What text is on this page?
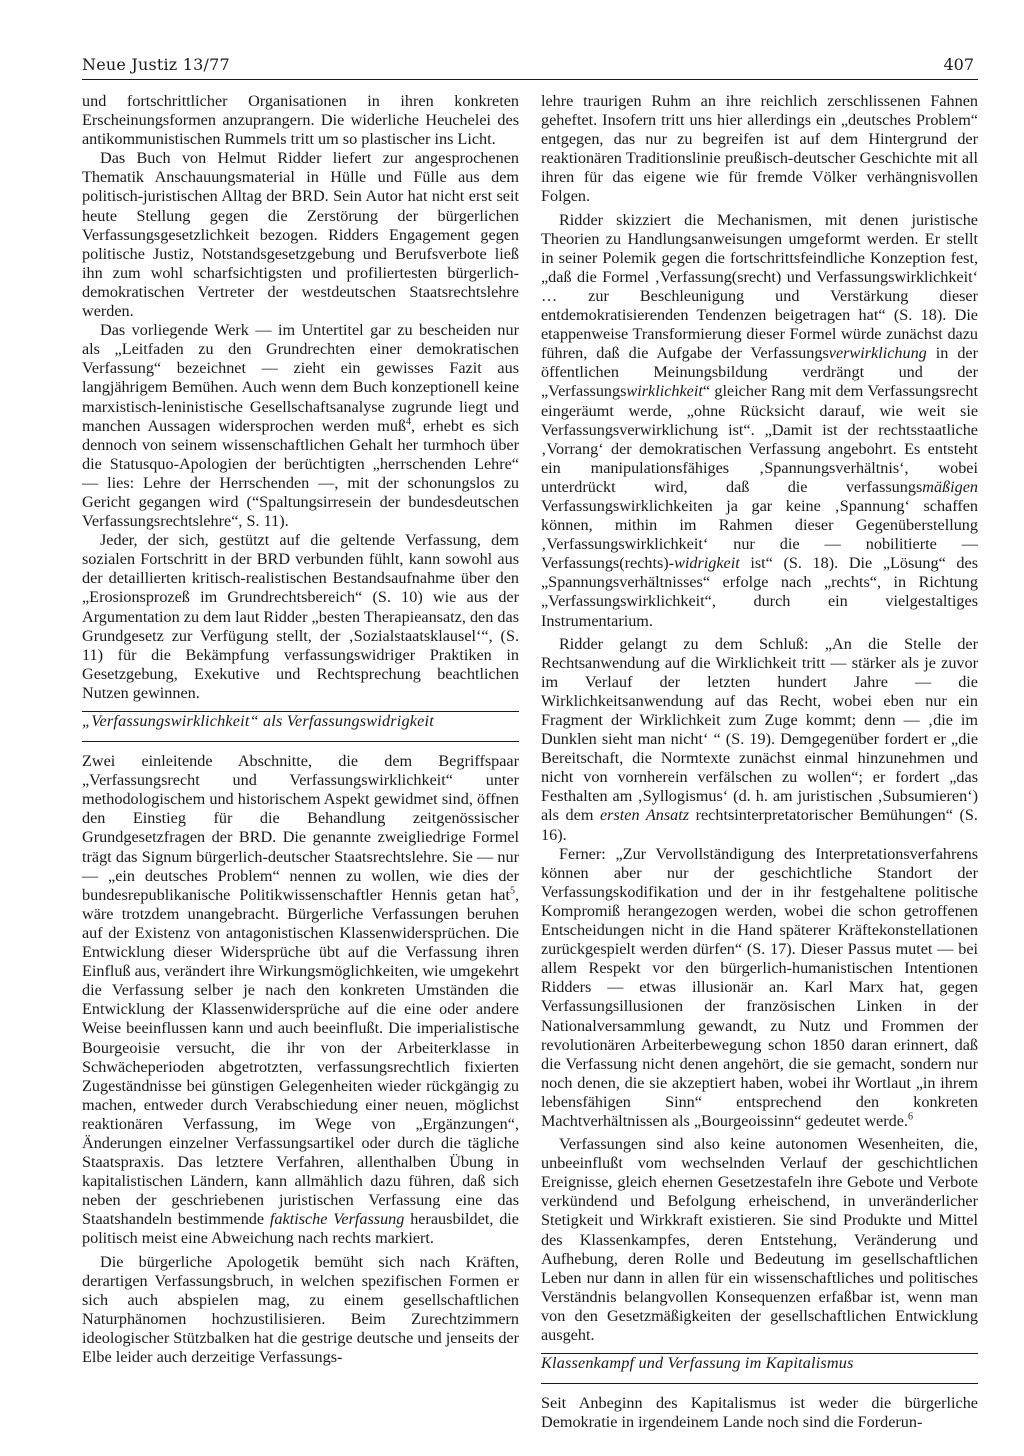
Neue Justiz 13/77	407

und fortschrittlicher Organisationen in ihren konkreten Erscheinungsformen anzuprangern. Die widerliche Heuchelei des antikommunistischen Rummels tritt um so plastischer ins Licht.

Das Buch von Helmut Ridder liefert zur angesprochenen Thematik Anschauungsmaterial in Hülle und Fülle aus dem politisch-juristischen Alltag der BRD. Sein Autor hat nicht erst seit heute Stellung gegen die Zerstörung der bürgerlichen Verfassungsgesetzlichkeit bezogen. Ridders Engagement gegen politische Justiz, Notstandsgesetzgebung und Berufsverbote ließ ihn zum wohl scharfsichtigsten und profiliertesten bürgerlich-demokratischen Vertreter der westdeutschen Staatsrechtslehre werden.

Das vorliegende Werk — im Untertitel gar zu bescheiden nur als „Leitfaden zu den Grundrechten einer demokratischen Verfassung“ bezeichnet — zieht ein gewisses Fazit aus langjährigem Bemühen. Auch wenn dem Buch konzeptionell keine marxistisch-leninistische Gesellschaftsanalyse zugrunde liegt und manchen Aussagen widersprochen werden muß$^4$, erhebt es sich dennoch von seinem wissenschaftlichen Gehalt her turmhoch über die Statusquo-Apologien der berüchtigten „herrschenden Lehre“ — lies: Lehre der Herrschenden —, mit der schonungslos zu Gericht gegangen wird (“Spaltungsirresein der bundesdeutschen Verfassungsrechtslehre“, S. 11).

Jeder, der sich, gestützt auf die geltende Verfassung, dem sozialen Fortschritt in der BRD verbunden fühlt, kann sowohl aus der detaillierten kritisch-realistischen Bestandsaufnahme über den „Erosionsprozeß im Grundrechtsbereich“ (S. 10) wie aus der Argumentation zu dem laut Ridder „besten Therapieansatz, den das Grundgesetz zur Verfügung stellt, der ‚Sozialstaatsklausel‘“, (S. 11) für die Bekämpfung verfassungswidriger Praktiken in Gesetzgebung, Exekutive und Rechtsprechung beachtlichen Nutzen gewinnen.

„Verfassungswirklichkeit“ als Verfassungswidrigkeit

Zwei einleitende Abschnitte, die dem Begriffspaar „Verfassungsrecht und Verfassungswirklichkeit“ unter methodologischem und historischem Aspekt gewidmet sind, öffnen den Einstieg für die Behandlung zeitgenössischer Grundgesetzfragen der BRD. Die genannte zweigliedrige Formel trägt das Signum bürgerlich-deutscher Staatsrechtslehre. Sie — nur — „ein deutsches Problem“ nennen zu wollen, wie dies der bundesrepublikanische Politikwissenschaftler Hennis getan hat$^5$, wäre trotzdem unangebracht. Bürgerliche Verfassungen beruhen auf der Existenz von antagonistischen Klassenwidersprüchen. Die Entwicklung dieser Widersprüche übt auf die Verfassung ihren Einfluß aus, verändert ihre Wirkungsmöglichkeiten, wie umgekehrt die Verfassung selber je nach den konkreten Umständen die Entwicklung der Klassenwidersprüche auf die eine oder andere Weise beeinflussen kann und auch beeinflußt. Die imperialistische Bourgeoisie versucht, die ihr von der Arbeiterklasse in Schwächeperioden abgetrotzten, verfassungsrechtlich fixierten Zugeständnisse bei günstigen Gelegenheiten wieder rückgängig zu machen, entweder durch Verabschiedung einer neuen, möglichst reaktionären Verfassung, im Wege von „Ergänzungen“, Änderungen einzelner Verfassungsartikel oder durch die tägliche Staatspraxis. Das letztere Verfahren, allenthalben Übung in kapitalistischen Ländern, kann allmählich dazu führen, daß sich neben der geschriebenen juristischen Verfassung eine das Staatshandeln bestimmende faktische Verfassung herausbildet, die politisch meist eine Abweichung nach rechts markiert.

Die bürgerliche Apologetik bemüht sich nach Kräften, derartigen Verfassungsbruch, in welchen spezifischen Formen er sich auch abspielen mag, zu einem gesellschaftlichen Naturphänomen hochzustilisieren. Beim Zurechtzimmern ideologischer Stützbalken hat die gestrige deutsche und jenseits der Elbe leider auch derzeitige Verfassungs-

lehre traurigen Ruhm an ihre reichlich zerschlissenen Fahnen geheftet. Insofern tritt uns hier allerdings ein „deutsches Problem“ entgegen, das nur zu begreifen ist auf dem Hintergrund der reaktionären Traditionslinie preußisch-deutscher Geschichte mit all ihren für das eigene wie für fremde Völker verhängnisvollen Folgen.

Ridder skizziert die Mechanismen, mit denen juristische Theorien zu Handlungsanweisungen umgeformt werden. Er stellt in seiner Polemik gegen die fortschrittsfeindliche Konzeption fest, „daß die Formel ‚Verfassung(srecht) und Verfassungswirklichkeit‘ … zur Beschleunigung und Verstärkung dieser entdemokratisierenden Tendenzen beigetragen hat“ (S. 18). Die etappenweise Transformierung dieser Formel würde zunächst dazu führen, daß die Aufgabe der Verfassungsverwirklichung in der öffentlichen Meinungsbildung verdrängt und der „Verfassungswirklichkeit“ gleicher Rang mit dem Verfassungsrecht eingeräumt werde, „ohne Rücksicht darauf, wie weit sie Verfassungsverwirklichung ist“. „Damit ist der rechtsstaatliche ‚Vorrang‘ der demokratischen Verfassung angebohrt. Es entsteht ein manipulationsfähiges ‚Spannungsverhältnis‘, wobei unterdrückt wird, daß die verfassungsmäßigen Verfassungswirklichkeiten ja gar keine ‚Spannung‘ schaffen können, mithin im Rahmen dieser Gegenüberstellung ‚Verfassungswirklichkeit‘ nur die — nobilitierte — Verfassungs(rechts)-widrigkeit ist“ (S. 18). Die „Lösung“ des „Spannungsverhältnisses“ erfolge nach „rechts“, in Richtung „Verfassungswirklichkeit“, durch ein vielgestaltiges Instrumentarium.

Ridder gelangt zu dem Schluß: „An die Stelle der Rechtsanwendung auf die Wirklichkeit tritt — stärker als je zuvor im Verlauf der letzten hundert Jahre — die Wirklichkeitsanwendung auf das Recht, wobei eben nur ein Fragment der Wirklichkeit zum Zuge kommt; denn — ‚die im Dunklen sieht man nicht‘ “ (S. 19). Demgegenüber fordert er „die Bereitschaft, die Normtexte zunächst einmal hinzunehmen und nicht von vornherein verfälschen zu wollen“; er fordert „das Festhalten am ‚Syllogismus‘ (d. h. am juristischen ‚Subsumieren‘) als dem ersten Ansatz rechtsinterpretatorischer Bemühungen“ (S. 16).

Ferner: „Zur Vervollständigung des Interpretationsverfahrens können aber nur der geschichtliche Standort der Verfassungskodifikation und der in ihr festgehaltene politische Kompromiß herangezogen werden, wobei die schon getroffenen Entscheidungen nicht in die Hand späterer Kräftekonstellationen zurückgespielt werden dürfen“ (S. 17). Dieser Passus mutet — bei allem Respekt vor den bürgerlich-humanistischen Intentionen Ridders — etwas illusionär an. Karl Marx hat, gegen Verfassungsillusionen der französischen Linken in der Nationalversammlung gewandt, zu Nutz und Frommen der revolutionären Arbeiterbewegung schon 1850 daran erinnert, daß die Verfassung nicht denen angehört, die sie gemacht, sondern nur noch denen, die sie akzeptiert haben, wobei ihr Wortlaut „in ihrem lebensfähigen Sinn“ entsprechend den konkreten Machtverhältnissen als „Bourgeoissinn“ gedeutet werde.$^6$

Verfassungen sind also keine autonomen Wesenheiten, die, unbeeinflußt vom wechselnden Verlauf der geschichtlichen Ereignisse, gleich ehernen Gesetzestafeln ihre Gebote und Verbote verkündend und Befolgung erheischend, in unveränderlicher Stetigkeit und Wirkkraft existieren. Sie sind Produkte und Mittel des Klassenkampfes, deren Entstehung, Veränderung und Aufhebung, deren Rolle und Bedeutung im gesellschaftlichen Leben nur dann in allen für ein wissenschaftliches und politisches Verständnis belangvollen Konsequenzen erfaßbar ist, wenn man von den Gesetzmäßigkeiten der gesellschaftlichen Entwicklung ausgeht.

Klassenkampf und Verfassung im Kapitalismus

Seit Anbeginn des Kapitalismus ist weder die bürgerliche Demokratie in irgendeinem Lande noch sind die Forderun-
